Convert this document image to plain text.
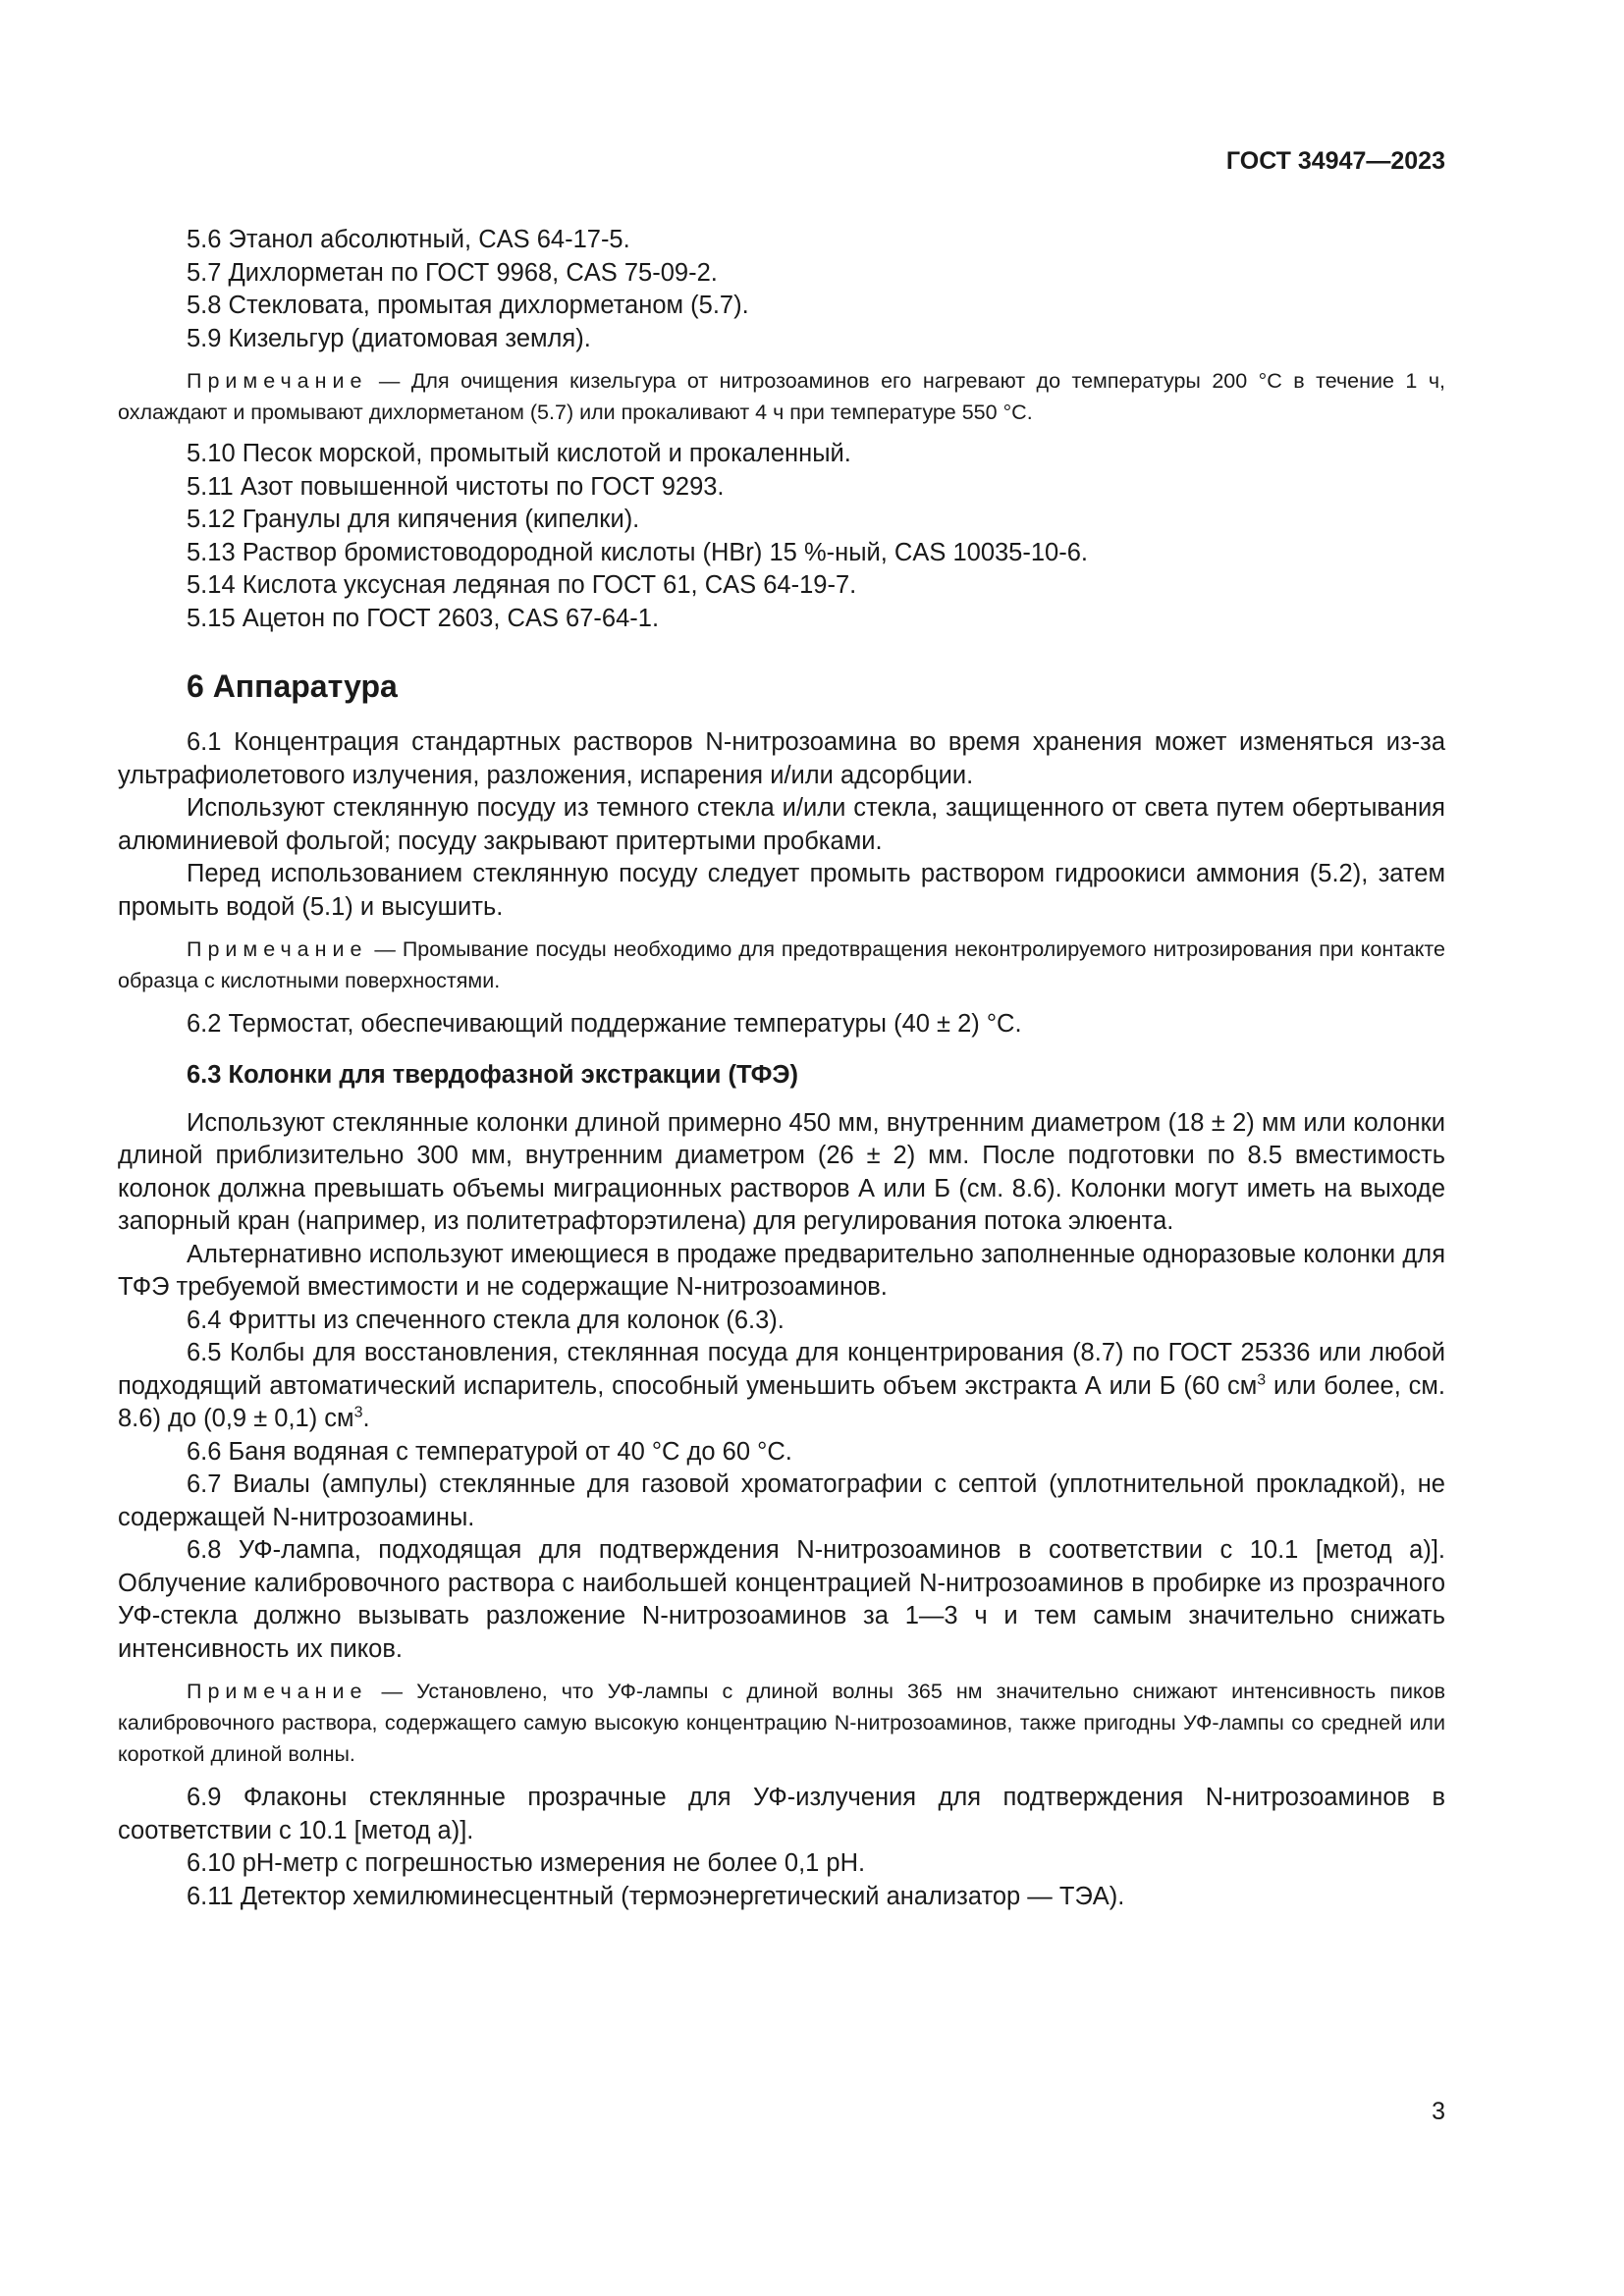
ГОСТ 34947—2023

5.6 Этанол абсолютный, CAS 64-17-5.

5.7 Дихлорметан по ГОСТ 9968, CAS 75-09-2.

5.8 Стекловата, промытая дихлорметаном (5.7).

5.9 Кизельгур (диатомовая земля).

Примечание — Для очищения кизельгура от нитрозоаминов его нагревают до температуры 200 °С в течение 1 ч, охлаждают и промывают дихлорметаном (5.7) или прокаливают 4 ч при температуре 550 °С.

5.10 Песок морской, промытый кислотой и прокаленный.

5.11 Азот повышенной чистоты по ГОСТ 9293.

5.12 Гранулы для кипячения (кипелки).

5.13 Раствор бромистоводородной кислоты (HBr) 15 %-ный, CAS 10035-10-6.

5.14 Кислота уксусная ледяная по ГОСТ 61, CAS 64-19-7.

5.15 Ацетон по ГОСТ 2603, CAS 67-64-1.

6 Аппаратура

6.1 Концентрация стандартных растворов N-нитрозоамина во время хранения может изменяться из-за ультрафиолетового излучения, разложения, испарения и/или адсорбции.

Используют стеклянную посуду из темного стекла и/или стекла, защищенного от света путем обертывания алюминиевой фольгой; посуду закрывают притертыми пробками.

Перед использованием стеклянную посуду следует промыть раствором гидроокиси аммония (5.2), затем промыть водой (5.1) и высушить.

Примечание — Промывание посуды необходимо для предотвращения неконтролируемого нитрозирования при контакте образца с кислотными поверхностями.

6.2 Термостат, обеспечивающий поддержание температуры (40 ± 2) °С.

6.3 Колонки для твердофазной экстракции (ТФЭ)

Используют стеклянные колонки длиной примерно 450 мм, внутренним диаметром (18 ± 2) мм или колонки длиной приблизительно 300 мм, внутренним диаметром (26 ± 2) мм. После подготовки по 8.5 вместимость колонок должна превышать объемы миграционных растворов А или Б (см. 8.6). Колонки могут иметь на выходе запорный кран (например, из политетрафторэтилена) для регулирования потока элюента.

Альтернативно используют имеющиеся в продаже предварительно заполненные одноразовые колонки для ТФЭ требуемой вместимости и не содержащие N-нитрозоаминов.

6.4 Фритты из спеченного стекла для колонок (6.3).

6.5 Колбы для восстановления, стеклянная посуда для концентрирования (8.7) по ГОСТ 25336 или любой подходящий автоматический испаритель, способный уменьшить объем экстракта А или Б (60 $см^3$ или более, см. 8.6) до (0,9 ± 0,1) $см^3$.

6.6 Баня водяная с температурой от 40 °С до 60 °С.

6.7 Виалы (ампулы) стеклянные для газовой хроматографии с септой (уплотнительной прокладкой), не содержащей N-нитрозоамины.

6.8 УФ-лампа, подходящая для подтверждения N-нитрозоаминов в соответствии с 10.1 [метод а)]. Облучение калибровочного раствора с наибольшей концентрацией N-нитрозоаминов в пробирке из прозрачного УФ-стекла должно вызывать разложение N-нитрозоаминов за 1—3 ч и тем самым значительно снижать интенсивность их пиков.

Примечание — Установлено, что УФ-лампы с длиной волны 365 нм значительно снижают интенсивность пиков калибровочного раствора, содержащего самую высокую концентрацию N-нитрозоаминов, также пригодны УФ-лампы со средней или короткой длиной волны.

6.9 Флаконы стеклянные прозрачные для УФ-излучения для подтверждения N-нитрозоаминов в соответствии с 10.1 [метод а)].

6.10 pH-метр с погрешностью измерения не более 0,1 pH.

6.11 Детектор хемилюминесцентный (термоэнергетический анализатор — ТЭА).

3
